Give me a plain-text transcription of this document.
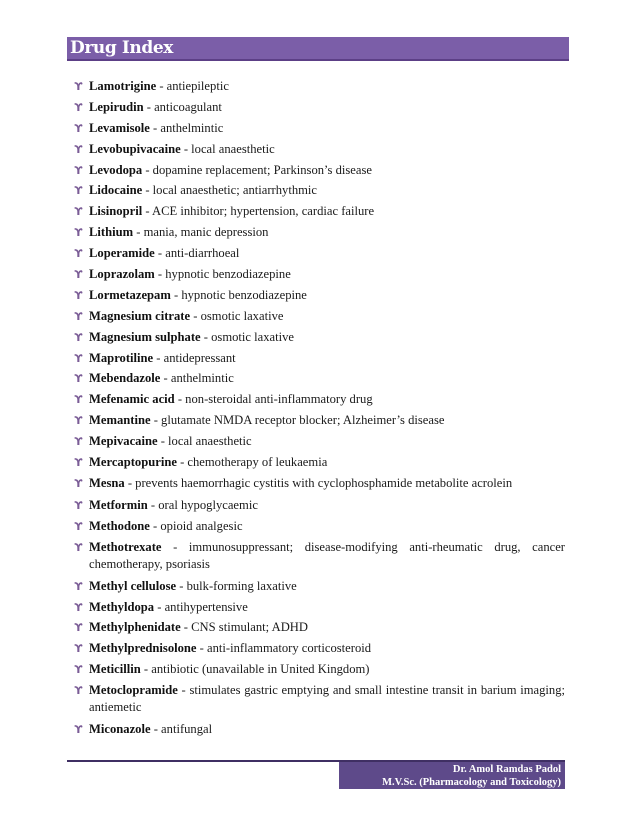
Drug Index
ϒ Lamotrigine - antiepileptic
ϒ Lepirudin - anticoagulant
ϒ Levamisole - anthelmintic
ϒ Levobupivacaine - local anaesthetic
ϒ Levodopa - dopamine replacement; Parkinson’s disease
ϒ Lidocaine - local anaesthetic; antiarrhythmic
ϒ Lisinopril - ACE inhibitor; hypertension, cardiac failure
ϒ Lithium - mania, manic depression
ϒ Loperamide - anti-diarrhoeal
ϒ Loprazolam - hypnotic benzodiazepine
ϒ Lormetazepam - hypnotic benzodiazepine
ϒ Magnesium citrate - osmotic laxative
ϒ Magnesium sulphate - osmotic laxative
ϒ Maprotiline - antidepressant
ϒ Mebendazole - anthelmintic
ϒ Mefenamic acid - non-steroidal anti-inflammatory drug
ϒ Memantine - glutamate NMDA receptor blocker; Alzheimer’s disease
ϒ Mepivacaine - local anaesthetic
ϒ Mercaptopurine - chemotherapy of leukaemia
ϒ Mesna - prevents haemorrhagic cystitis with cyclophosphamide metabolite acrolein
ϒ Metformin - oral hypoglycaemic
ϒ Methodone - opioid analgesic
ϒ Methotrexate - immunosuppressant; disease-modifying anti-rheumatic drug, cancer chemotherapy, psoriasis
ϒ Methyl cellulose - bulk-forming laxative
ϒ Methyldopa - antihypertensive
ϒ Methylphenidate - CNS stimulant; ADHD
ϒ Methylprednisolone - anti-inflammatory corticosteroid
ϒ Meticillin - antibiotic (unavailable in United Kingdom)
ϒ Metoclopramide - stimulates gastric emptying and small intestine transit in barium imaging; antiemetic
ϒ Miconazole - antifungal
Dr. Amol Ramdas Padol
M.V.Sc. (Pharmacology and Toxicology)
